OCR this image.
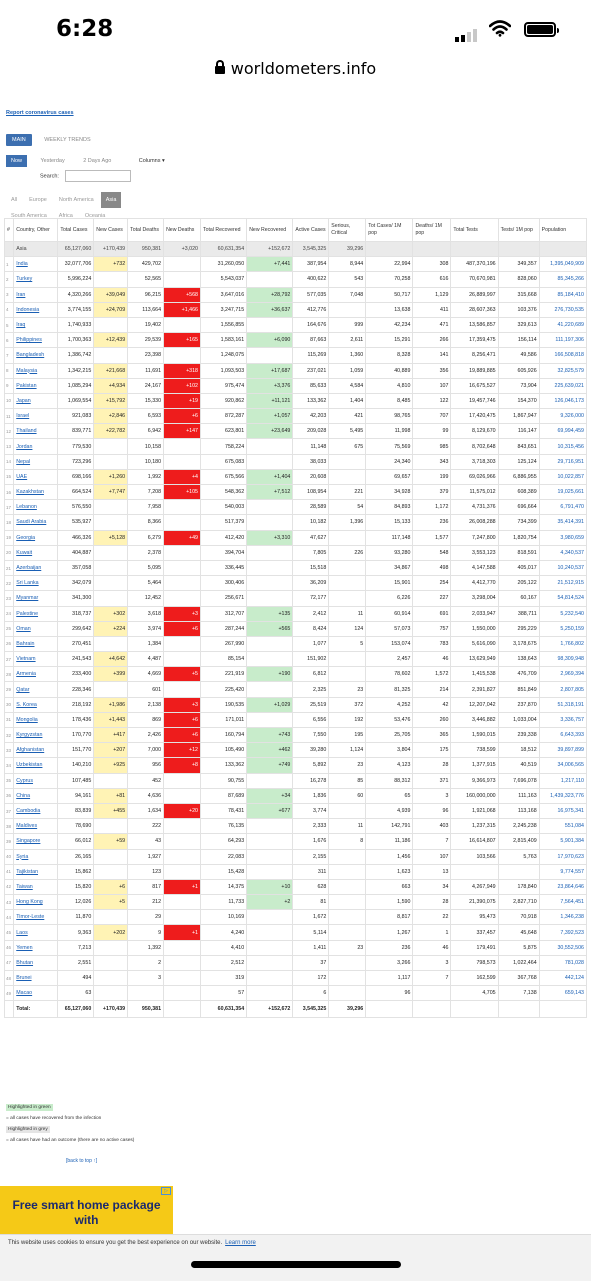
6:28
worldometers.info
Report coronavirus cases
MAIN	WEEKLY TRENDS
Now	Yesterday	2 Days Ago	Columns ▾
Search:
All Europe North America Asia
South America Africa Oceania
#	Country, Other	Total Cases	New Cases	Total Deaths	New Deaths	Total Recovered	New Recovered	Active Cases	Serious, Critical	Tot Cases/ 1M pop	Deaths/ 1M pop	Total Tests	Tests/ 1M pop	Population
	Asia	65,127,060	+170,439	950,381	+3,020	60,631,354	+152,672	3,545,325	39,296					
1	India	32,077,706	+732	429,702		31,260,050	+7,441	387,954	8,944	22,994	308	487,370,196	349,357	1,395,049,909
2	Turkey	5,996,224		52,565		5,543,037		400,622	543	70,258	616	70,670,981	828,060	85,345,266
3	Iran	4,320,266	+39,049	96,215	+568	3,647,016	+28,792	577,035	7,048	50,717	1,129	26,889,997	315,668	85,184,410
4	Indonesia	3,774,155	+24,709	113,664	+1,466	3,247,715	+36,637	412,776		13,638	411	28,607,363	103,376	276,730,535
5	Iraq	1,740,933		19,402		1,556,855		164,676	999	42,234	471	13,586,857	329,613	41,220,689
6	Philippines	1,700,363	+12,439	29,539	+165	1,583,161	+6,090	87,663	2,611	15,291	266	17,359,475	156,114	111,197,306
7	Bangladesh	1,386,742		23,398		1,248,075		115,269	1,360	8,328	141	8,256,471	49,586	166,508,818
8	Malaysia	1,342,215	+21,668	11,691	+318	1,093,503	+17,687	237,021	1,059	40,889	356	19,889,885	605,926	32,825,579
9	Pakistan	1,085,294	+4,934	24,167	+102	975,474	+3,376	85,633	4,584	4,810	107	16,675,527	73,904	225,639,021
10	Japan	1,069,554	+15,792	15,330	+19	920,862	+11,121	133,362	1,404	8,485	122	19,457,746	154,370	126,046,173
11	Israel	921,083	+2,846	6,593	+6	872,287	+1,057	42,203	421	98,765	707	17,420,475	1,867,947	9,326,000
12	Thailand	839,771	+22,782	6,942	+147	623,801	+23,649	209,028	5,495	11,998	99	8,129,670	116,147	69,994,459
13	Jordan	779,530		10,158		758,224		11,148	675	75,569	985	8,702,648	843,651	10,315,456
14	Nepal	723,296		10,180		675,083		38,033		24,340	343	3,718,303	125,124	29,716,951
15	UAE	698,166	+1,260	1,992	+4	675,566	+1,404	20,608		69,657	199	69,026,966	6,886,955	10,022,857
16	Kazakhstan	664,524	+7,747	7,208	+105	548,362	+7,512	108,954	221	34,928	379	11,575,012	608,389	19,025,661
17	Lebanon	576,550		7,958		540,003		28,589	54	84,893	1,172	4,731,376	696,664	6,791,470
18	Saudi Arabia	535,927		8,366		517,379		10,182	1,396	15,133	236	26,008,288	734,399	35,414,391
19	Georgia	466,326	+5,128	6,279	+49	412,420	+3,310	47,627		117,148	1,577	7,247,800	1,820,754	3,980,659
20	Kuwait	404,887		2,378		394,704		7,805	226	93,280	548	3,553,123	818,591	4,340,537
21	Azerbaijan	357,058		5,095		336,445		15,518		34,867	498	4,147,588	405,017	10,240,537
22	Sri Lanka	342,079		5,464		300,406		36,209		15,901	254	4,412,770	205,122	21,512,915
23	Myanmar	341,300		12,452		256,671		72,177		6,226	227	3,298,004	60,167	54,814,524
24	Palestine	318,737	+302	3,618	+3	312,707	+135	2,412	11	60,914	691	2,033,947	388,711	5,232,540
25	Oman	299,642	+224	3,974	+6	287,244	+565	8,424	124	57,073	757	1,550,000	295,229	5,250,159
26	Bahrain	270,451		1,384		267,990		1,077	5	153,074	783	5,616,090	3,178,675	1,766,802
27	Vietnam	241,543	+4,642	4,487		85,154		151,902		2,457	46	13,629,949	138,643	98,309,948
28	Armenia	233,400	+399	4,669	+5	221,919	+190	6,812		78,602	1,572	1,415,538	476,709	2,969,394
29	Qatar	228,346		601		225,420		2,325	23	81,325	214	2,391,827	851,849	2,807,805
30	S. Korea	218,192	+1,986	2,138	+3	190,535	+1,029	25,519	372	4,252	42	12,207,042	237,870	51,318,191
31	Mongolia	178,436	+1,443	869	+6	171,011		6,556	192	53,476	260	3,446,882	1,033,004	3,336,757
32	Kyrgyzstan	170,770	+417	2,426	+6	160,794	+743	7,550	195	25,705	365	1,590,015	239,338	6,643,393
33	Afghanistan	151,770	+207	7,000	+12	105,490	+462	39,280	1,124	3,804	175	738,599	18,512	39,897,899
34	Uzbekistan	140,210	+925	956	+8	133,362	+749	5,892	23	4,123	28	1,377,915	40,519	34,006,565
35	Cyprus	107,485		452		90,755		16,278	85	88,312	371	9,366,973	7,696,078	1,217,110
36	China	94,161	+81	4,636		87,689	+34	1,836	60	65	3	160,000,000	111,163	1,439,323,776
37	Cambodia	83,839	+455	1,634	+20	78,431	+677	3,774		4,939	96	1,921,068	113,168	16,975,341
38	Maldives	78,690		222		76,135		2,333	11	142,791	403	1,237,315	2,245,238	551,084
39	Singapore	66,012	+59	43		64,293		1,676	8	11,186	7	16,614,807	2,815,409	5,901,384
40	Syria	26,165		1,927		22,083		2,155		1,456	107	103,566	5,763	17,970,623
41	Tajikistan	15,862		123		15,428		311		1,623	13			9,774,557
42	Taiwan	15,820	+6	817	+1	14,375	+10	628		663	34	4,267,949	178,840	23,864,646
43	Hong Kong	12,026	+5	212		11,733	+2	81		1,590	28	21,390,075	2,827,710	7,564,451
44	Timor-Leste	11,870		29		10,169		1,672		8,817	22	95,473	70,918	1,346,238
45	Laos	9,363	+202	9	+1	4,240		5,114		1,267	1	337,457	45,648	7,392,523
46	Yemen	7,213		1,392		4,410		1,411	23	236	46	179,491	5,875	30,552,506
47	Bhutan	2,551		2		2,512		37		3,266	3	798,573	1,022,464	781,028
48	Brunei	494		3		319		172		1,117	7	162,599	367,768	442,124
49	Macao	63				57		6		96		4,705	7,138	659,143
	Total:	65,127,060	+170,439	950,381	+3,020	60,631,354	+152,672	3,545,325	39,296					
Highlighted in green
= all cases have recovered from the infection
Highlighted in grey
= all cases have had an outcome (there are no active cases)
[back to top ↑]
▷
Free smart home package with
This website uses cookies to ensure you get the best experience on our website. Learn more
